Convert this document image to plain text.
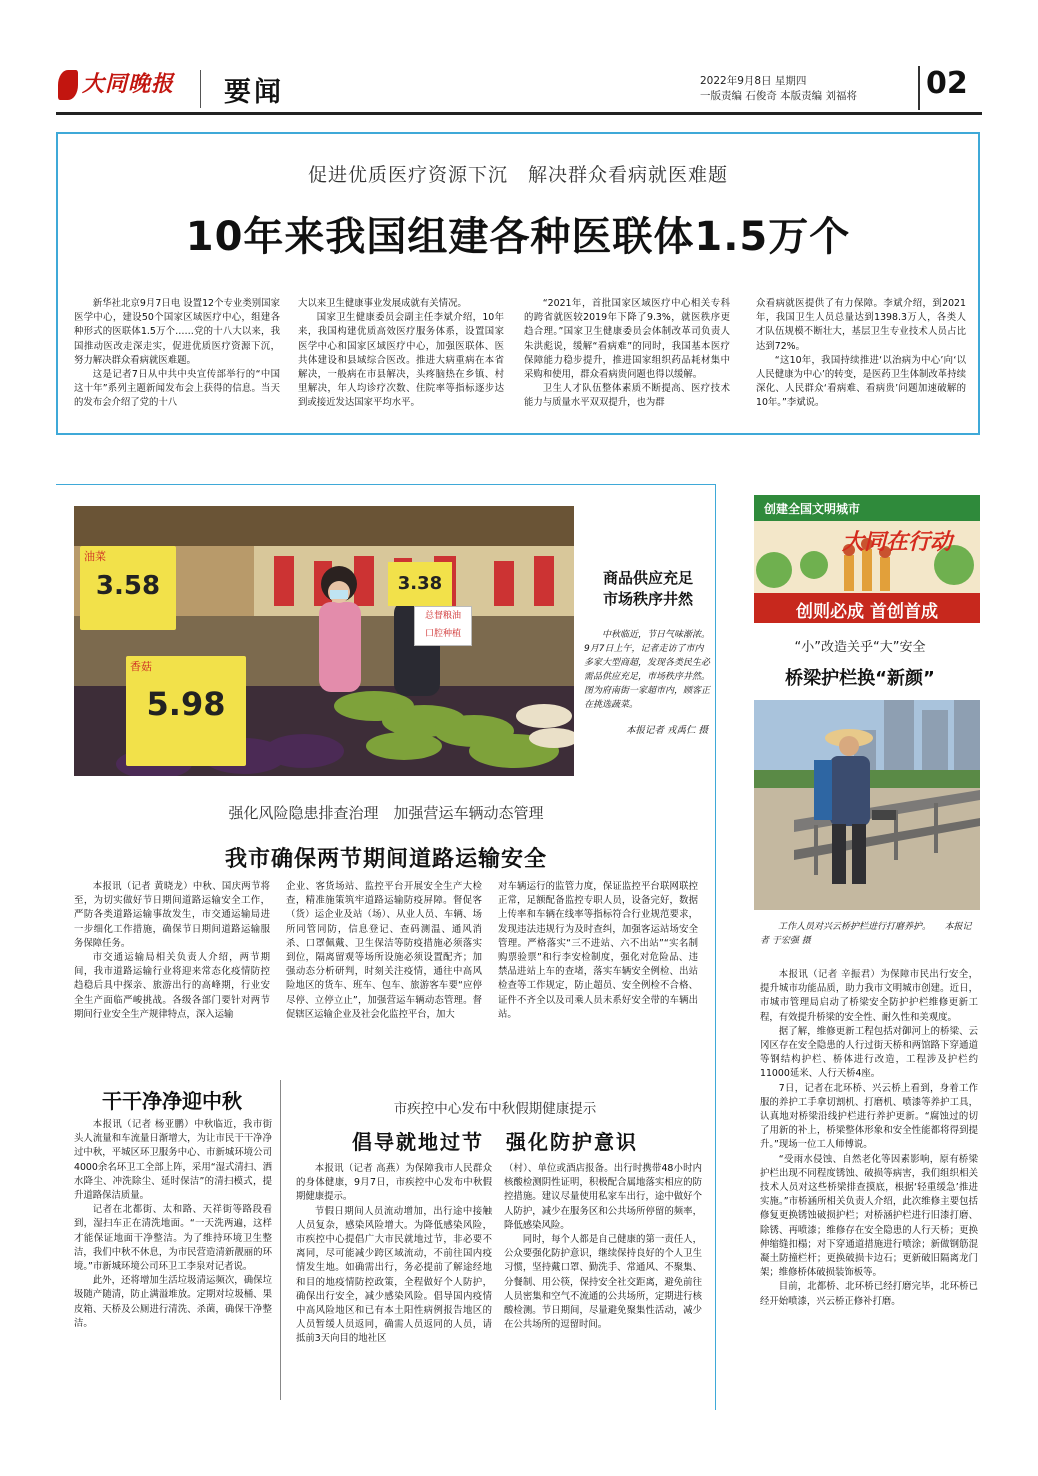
大同晚报	要闻	2022年9月8日 星期四
一版责编 石俊奇 本版责编 刘福将 02
促进优质医疗资源下沉　解决群众看病就医难题
10年来我国组建各种医联体1.5万个

新华社北京9月7日电 设置12个专业类别国家医学中心，建设50个国家区域医疗中心，组建各种形式的医联体1.5万个……党的十八大以来，我国推动医改走深走实，促进优质医疗资源下沉，努力解决群众看病就医难题。

这是记者7日从中共中央宣传部举行的“中国这十年”系列主题新闻发布会上获得的信息。当天的发布会介绍了党的十八

大以来卫生健康事业发展成就有关情况。

国家卫生健康委员会副主任李斌介绍，10年来，我国构建优质高效医疗服务体系，设置国家医学中心和国家区域医疗中心，加强医联体、医共体建设和县域综合医改。推进大病重病在本省解决，一般病在市县解决，头疼脑热在乡镇、村里解决，年人均诊疗次数、住院率等指标逐步达到或接近发达国家平均水平。

“2021年，首批国家区域医疗中心相关专科的跨省就医较2019年下降了9.3%，就医秩序更趋合理。”国家卫生健康委员会体制改革司负责人朱洪彪说，缓解“看病难”的同时，我国基本医疗保障能力稳步提升，推进国家组织药品耗材集中采购和使用，群众看病贵问题也得以缓解。

卫生人才队伍整体素质不断提高、医疗技术能力与质量水平双双提升，也为群

众看病就医提供了有力保障。李斌介绍，到2021年，我国卫生人员总量达到1398.3万人，各类人才队伍规模不断壮大，基层卫生专业技术人员占比达到72%。

“这10年，我国持续推进‘以治病为中心’向‘以人民健康为中心’的转变，是医药卫生体制改革持续深化、人民群众‘看病难、看病贵’问题加速破解的10年。”李斌说。

油菜
3.58
香菇
5.98
3.38
总督粮油
口腔种植
商品供应充足
市场秩序井然
中秋临近，节日气味渐浓。9月7日上午，记者走访了市内多家大型商超，发现各类民生必需品供应充足，市场秩序井然。图为府南街一家超市内，顾客正在挑选蔬菜。
本报记者 戎禹仁 摄
强化风险隐患排查治理　加强营运车辆动态管理
我市确保两节期间道路运输安全

本报讯（记者 黄晓龙）中秋、国庆两节将至，为切实做好节日期间道路运输安全工作，严防各类道路运输事故发生，市交通运输局进一步细化工作措施，确保节日期间道路运输服务保障任务。

市交通运输局相关负责人介绍，两节期间，我市道路运输行业将迎来常态化疫情防控趋稳后具中探亲、旅游出行的高峰期，行业安全生产面临严峻挑战。各级各部门要针对两节期间行业安全生产规律特点，深入运输

企业、客货场站、监控平台开展安全生产大检查，精准施策筑牢道路运输防疫屏障。督促客（货）运企业及站（场）、从业人员、车辆、场所同管同防，信息登记、查码测温、通风消杀、口罩佩戴、卫生保洁等防疫措施必须落实到位，隔离留观等场所设施必须设置配齐；加强动态分析研判，时刻关注疫情，通往中高风险地区的货车、班车、包车、旅游客车要“应停尽停、立停立止”，加强营运车辆动态管理。督促辖区运输企业及社会化监控平台，加大

对车辆运行的监管力度，保证监控平台联网联控正常，足额配备监控专职人员，设备完好，数据上传率和车辆在线率等指标符合行业规范要求，发现违法违规行为及时查纠，加强客运站场安全管理。严格落实“三不进站、六不出站”“实名制购票验票”和行李安检制度，强化对危险品、违禁品进站上车的查堵，落实车辆安全例检、出站检查等工作规定，防止超员、安全例检不合格、证件不齐全以及司乘人员未系好安全带的车辆出站。

干干净净迎中秋

本报讯（记者 杨亚鹏）中秋临近，我市街头人流量和车流量日渐增大，为让市民干干净净过中秋，平城区环卫服务中心、市新城环境公司4000余名环卫工全部上阵，采用“湿式清扫、洒水降尘、冲洗除尘、延时保洁”的清扫模式，提升道路保洁质量。

记者在北都街、太和路、天祥街等路段看到，湿扫车正在清洗地面。“一天洗两遍，这样才能保证地面干净整洁。为了维持环境卫生整洁，我们中秋不休息，为市民营造清新靓丽的环境。”市新城环境公司环卫工李泉对记者说。

此外，还将增加生活垃圾清运频次，确保垃圾随产随清，防止满溢堆放。定期对垃圾桶、果皮箱、天桥及公厕进行清洗、杀菌，确保干净整洁。

市疾控中心发布中秋假期健康提示
倡导就地过节　强化防护意识

本报讯（记者 高燕）为保障我市人民群众的身体健康，9月7日，市疾控中心发布中秋假期健康提示。

节假日期间人员流动增加，出行途中接触人员复杂，感染风险增大。为降低感染风险，市疾控中心提倡广大市民就地过节，非必要不离同，尽可能减少跨区域流动，不前往国内疫情发生地。如确需出行，务必提前了解途经地和目的地疫情防控政策，全程做好个人防护，确保出行安全，减少感染风险。倡导国内疫情中高风险地区和已有本土阳性病例报告地区的人员暂缓人员返同，确需人员返同的人员，请抵前3天向目的地社区

（村）、单位或酒店报备。出行时携带48小时内核酸检测阴性证明，积极配合属地落实相应的防控措施。建议尽量使用私家车出行，途中做好个人防护，减少在服务区和公共场所停留的频率，降低感染风险。

同时，每个人都是自己健康的第一责任人，公众要强化防护意识，继续保持良好的个人卫生习惯，坚持戴口罩、勤洗手、常通风、不聚集、分餐制、用公筷，保持安全社交距离，避免前往人员密集和空气不流通的公共场所，定期进行核酸检测。节日期间，尽量避免聚集性活动，减少在公共场所的逗留时间。

创建全国文明城市
大同在行动
创则必成 首创首成
“小”改造关乎“大”安全
桥梁护栏换“新颜”
工作人员对兴云桥护栏进行打磨养护。　　本报记者 于宏强 摄

本报讯（记者 辛振君）为保障市民出行安全，提升城市功能品质，助力我市文明城市创建。近日，市城市管理局启动了桥梁安全防护护栏维修更新工程，有效提升桥梁的安全性、耐久性和美观度。

据了解，维修更新工程包括对御河上的桥梁、云冈区存在安全隐患的人行过街天桥和两馆路下穿通道等钢结构护栏、桥体进行改造，工程涉及护栏约11000延米、人行天桥4座。

7日，记者在北环桥、兴云桥上看到，身着工作服的养护工手拿切割机、打磨机、喷漆等养护工具，认真地对桥梁沿线护栏进行养护更新。“腐蚀过的切了用新的补上，桥梁整体形象和安全性能都将得到提升。”现场一位工人师傅说。

“受雨水侵蚀、自然老化等因素影响，原有桥梁护栏出现不同程度锈蚀、破损等病害，我们组织相关技术人员对这些桥梁排查摸底，根据‘轻重缓急’推进实施。”市桥涵所相关负责人介绍，此次维修主要包括修复更换锈蚀破损护栏；对桥涵护栏进行旧漆打磨、除锈、再喷漆；维修存在安全隐患的人行天桥；更换伸缩缝扣榻；对下穿通道措施进行喷涂；新做钢筋混凝土防撞栏杆；更换破损卡边石；更新破旧隔离龙门架；维修桥体破损装饰板等。

目前，北都桥、北环桥已经打磨完毕，北环桥已经开始喷漆，兴云桥正修补打磨。
